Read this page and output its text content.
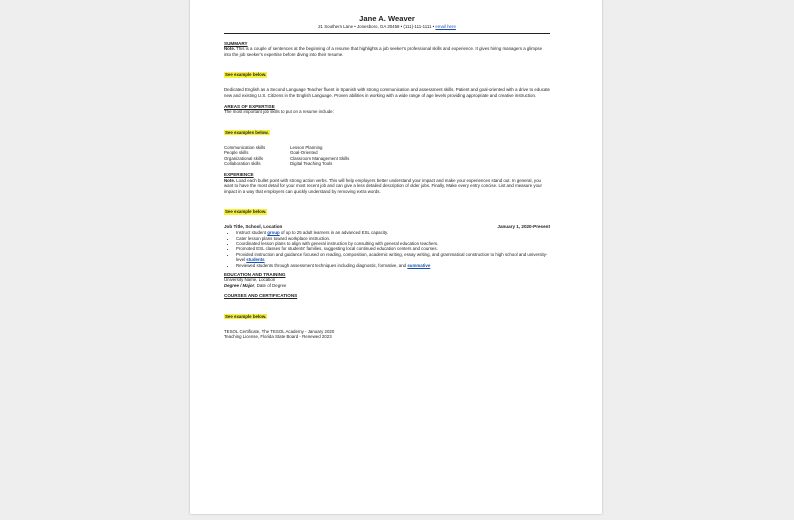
Jane A. Weaver
21 Southern Lane • Jonesboro, GA 30458 • (111)-111-1111 • email here
SUMMARY
Note. This is a couple of sentences at the beginning of a resume that highlights a job seeker's professional skills and experience. It gives hiring managers a glimpse into the job seeker's expertise before diving into their resume.
See example below.
Dedicated English as a Second Language Teacher fluent in Spanish with strong communication and assessment skills. Patient and goal-oriented with a drive to educate new and existing U.S. Citizens in the English Language. Proven abilities in working with a wide range of age levels providing appropriate and creative instruction.
AREAS OF EXPERTISE
The most important job skills to put on a resume include:
See examples below.
Communication skills	Lesson Planning
People skills	Goal-Oriented
Organizational skills	Classroom Management Skills
Collaboration skills	Digital Teaching Tools
EXPERIENCE
Note. Load each bullet point with strong action verbs. This will help employers better understand your impact and make your experiences stand out. In general, you want to have the most detail for your most recent job and can give a less detailed description of older jobs. Finally, Make every entry concise. List and measure your impact in a way that employers can quickly understand by removing extra words.
See example below.
Job Title, School, Location	January 1, 2020-Present
• Instruct student group of up to 25 adult learners in an advanced ESL capacity.
• Cater lesson plans toward workplace instruction.
• Coordinated lesson plans to align with general instruction by consulting with general education teachers.
• Promoted ESL classes for students' families, suggesting local continued education centers and courses.
• Provided instruction and guidance focused on reading, composition, academic writing, essay writing, and grammatical construction to high school and university-level students
• Reviewed students through assessment techniques including diagnostic, formative, and summative
EDUCATION AND TRAINING
University Name, Location
Degree / Major, Date of Degree
COURSES AND CERTIFICATIONS
See example below.
TESOL Certificate, The TESOL Academy - January 2020
Teaching License, Florida State Board - Renewed 2023
